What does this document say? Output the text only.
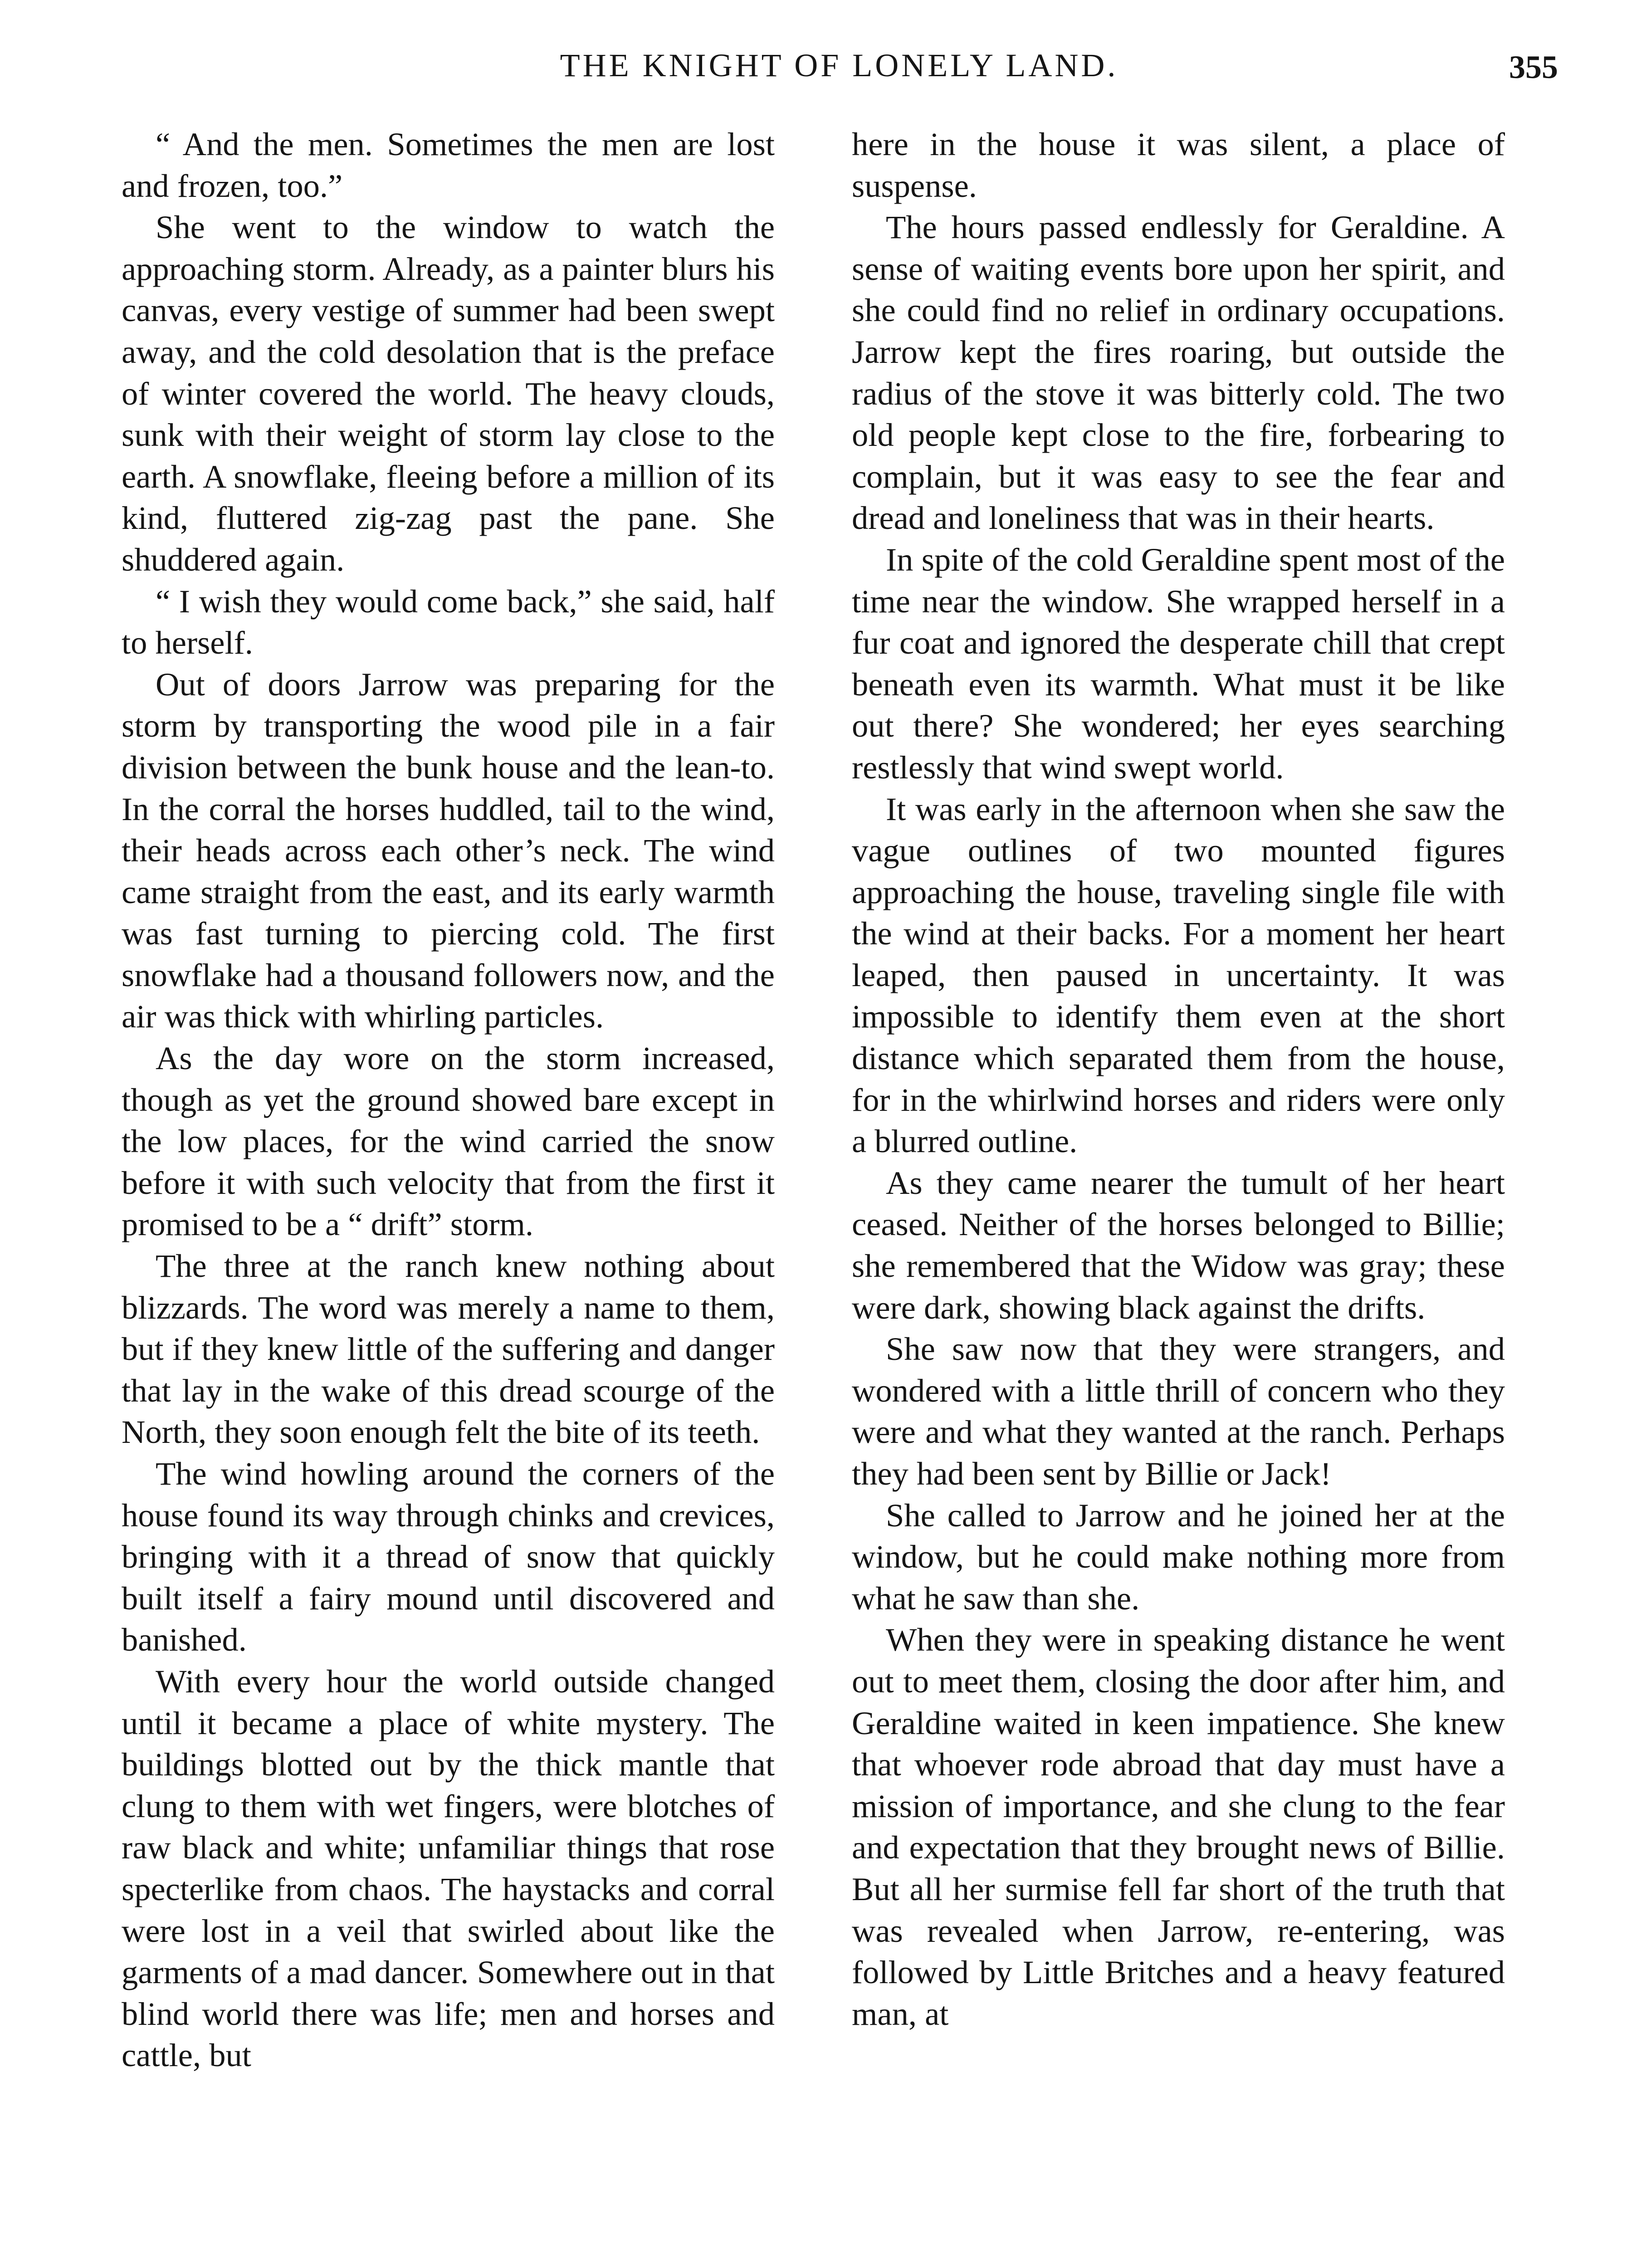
THE KNIGHT OF LONELY LAND.	355

“ And the men. Sometimes the men are lost and frozen, too.”

She went to the window to watch the approaching storm. Already, as a painter blurs his canvas, every vestige of summer had been swept away, and the cold desolation that is the preface of winter covered the world. The heavy clouds, sunk with their weight of storm lay close to the earth. A snowflake, fleeing before a million of its kind, fluttered zig-zag past the pane. She shuddered again.

“ I wish they would come back,” she said, half to herself.

Out of doors Jarrow was preparing for the storm by transporting the wood pile in a fair division between the bunk house and the lean-to. In the corral the horses huddled, tail to the wind, their heads across each other’s neck. The wind came straight from the east, and its early warmth was fast turning to piercing cold. The first snowflake had a thousand followers now, and the air was thick with whirling particles.

As the day wore on the storm increased, though as yet the ground showed bare except in the low places, for the wind carried the snow before it with such velocity that from the first it promised to be a “ drift” storm.

The three at the ranch knew nothing about blizzards. The word was merely a name to them, but if they knew little of the suffering and danger that lay in the wake of this dread scourge of the North, they soon enough felt the bite of its teeth.

The wind howling around the corners of the house found its way through chinks and crevices, bringing with it a thread of snow that quickly built itself a fairy mound until discovered and banished.

With every hour the world outside changed until it became a place of white mystery. The buildings blotted out by the thick mantle that clung to them with wet fingers, were blotches of raw black and white; unfamiliar things that rose specterlike from chaos. The haystacks and corral were lost in a veil that swirled about like the garments of a mad dancer. Somewhere out in that blind world there was life; men and horses and cattle, but

here in the house it was silent, a place of suspense.

The hours passed endlessly for Geraldine. A sense of waiting events bore upon her spirit, and she could find no relief in ordinary occupations. Jarrow kept the fires roaring, but outside the radius of the stove it was bitterly cold. The two old people kept close to the fire, forbearing to complain, but it was easy to see the fear and dread and loneliness that was in their hearts.

In spite of the cold Geraldine spent most of the time near the window. She wrapped herself in a fur coat and ignored the desperate chill that crept beneath even its warmth. What must it be like out there? She wondered; her eyes searching restlessly that wind swept world.

It was early in the afternoon when she saw the vague outlines of two mounted figures approaching the house, traveling single file with the wind at their backs. For a moment her heart leaped, then paused in uncertainty. It was impossible to identify them even at the short distance which separated them from the house, for in the whirlwind horses and riders were only a blurred outline.

As they came nearer the tumult of her heart ceased. Neither of the horses belonged to Billie; she remembered that the Widow was gray; these were dark, showing black against the drifts.

She saw now that they were strangers, and wondered with a little thrill of concern who they were and what they wanted at the ranch. Perhaps they had been sent by Billie or Jack!

She called to Jarrow and he joined her at the window, but he could make nothing more from what he saw than she.

When they were in speaking distance he went out to meet them, closing the door after him, and Geraldine waited in keen impatience. She knew that whoever rode abroad that day must have a mission of importance, and she clung to the fear and expectation that they brought news of Billie. But all her surmise fell far short of the truth that was revealed when Jarrow, re-entering, was followed by Little Britches and a heavy featured man, at
